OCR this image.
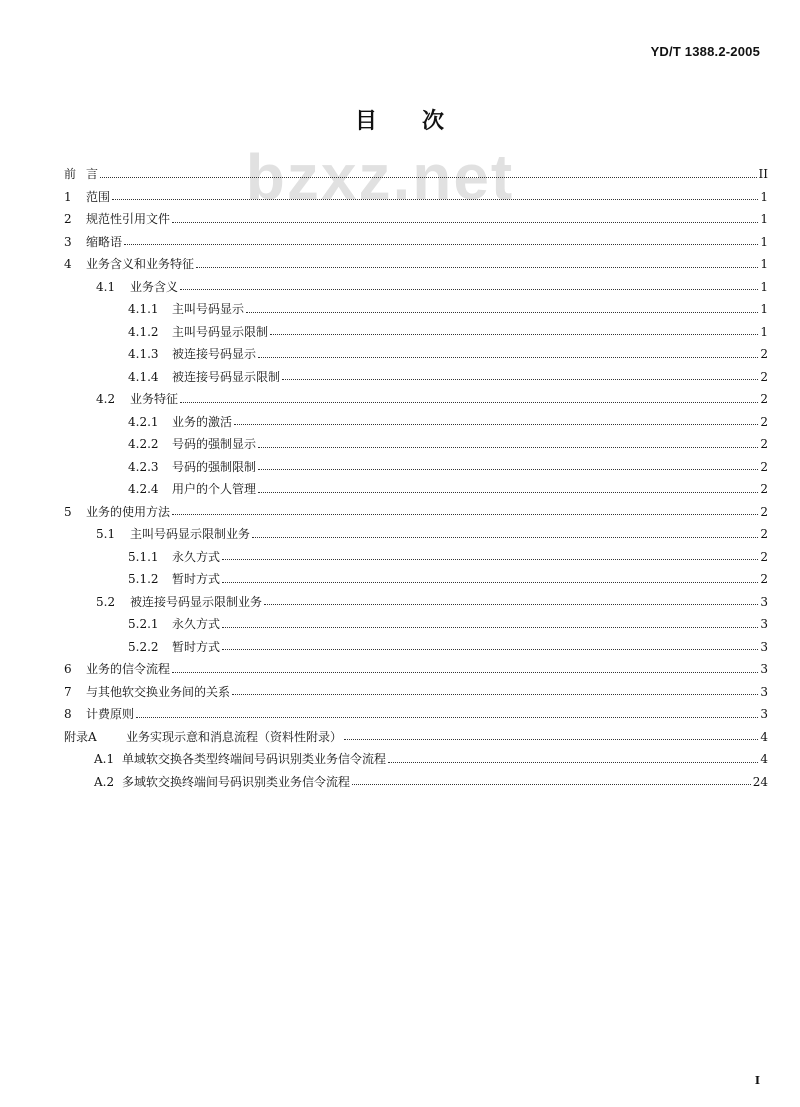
YD/T 1388.2-2005
目 次
bzxz.net
前 言	II
1	范围	1
2	规范性引用文件	1
3	缩略语	1
4	业务含义和业务特征	1
4.1	业务含义	1
4.1.1	主叫号码显示	1
4.1.2	主叫号码显示限制	1
4.1.3	被连接号码显示	2
4.1.4	被连接号码显示限制	2
4.2	业务特征	2
4.2.1	业务的激活	2
4.2.2	号码的强制显示	2
4.2.3	号码的强制限制	2
4.2.4	用户的个人管理	2
5	业务的使用方法	2
5.1	主叫号码显示限制业务	2
5.1.1	永久方式	2
5.1.2	暂时方式	2
5.2	被连接号码显示限制业务	3
5.2.1	永久方式	3
5.2.2	暂时方式	3
6	业务的信令流程	3
7	与其他软交换业务间的关系	3
8	计费原则	3
附录A	业务实现示意和消息流程（资料性附录）	4
A.1 单域软交换各类型终端间号码识别类业务信令流程	4
A.2 多域软交换终端间号码识别类业务信令流程	24
I
